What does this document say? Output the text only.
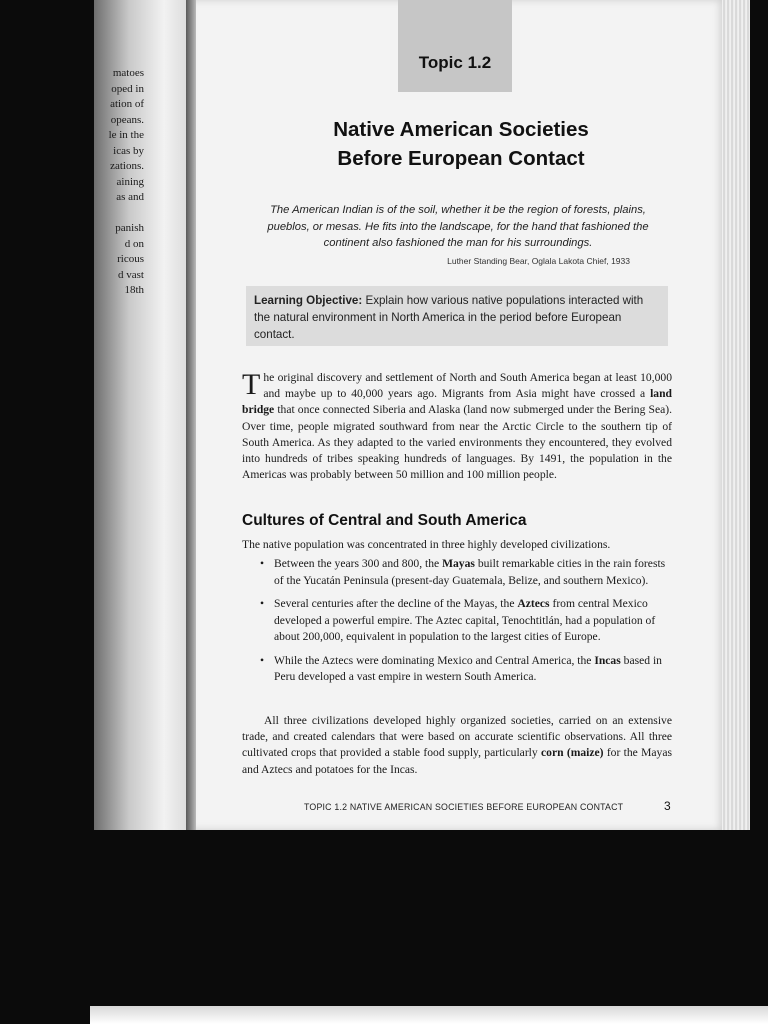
matoes
oped in
ation of
opeans.
le in the
icas by
zations.
aining
as and

panish
d on
ricous
d vast
18th
Topic 1.2
Native American Societies
Before European Contact
The American Indian is of the soil, whether it be the region of forests, plains, pueblos, or mesas. He fits into the landscape, for the hand that fashioned the continent also fashioned the man for his surroundings.
Luther Standing Bear, Oglala Lakota Chief, 1933
Learning Objective: Explain how various native populations interacted with the natural environment in North America in the period before European contact.
The original discovery and settlement of North and South America began at least 10,000 and maybe up to 40,000 years ago. Migrants from Asia might have crossed a land bridge that once connected Siberia and Alaska (land now submerged under the Bering Sea). Over time, people migrated southward from near the Arctic Circle to the southern tip of South America. As they adapted to the varied environments they encountered, they evolved into hundreds of tribes speaking hundreds of languages. By 1491, the population in the Americas was probably between 50 million and 100 million people.
Cultures of Central and South America
The native population was concentrated in three highly developed civilizations.
• Between the years 300 and 800, the Mayas built remarkable cities in the rain forests of the Yucatán Peninsula (present-day Guatemala, Belize, and southern Mexico).
• Several centuries after the decline of the Mayas, the Aztecs from central Mexico developed a powerful empire. The Aztec capital, Tenochtitlán, had a population of about 200,000, equivalent in population to the largest cities of Europe.
• While the Aztecs were dominating Mexico and Central America, the Incas based in Peru developed a vast empire in western South America.
All three civilizations developed highly organized societies, carried on an extensive trade, and created calendars that were based on accurate scientific observations. All three cultivated crops that provided a stable food supply, particularly corn (maize) for the Mayas and Aztecs and potatoes for the Incas.
TOPIC 1.2 NATIVE AMERICAN SOCIETIES BEFORE EUROPEAN CONTACT	3
